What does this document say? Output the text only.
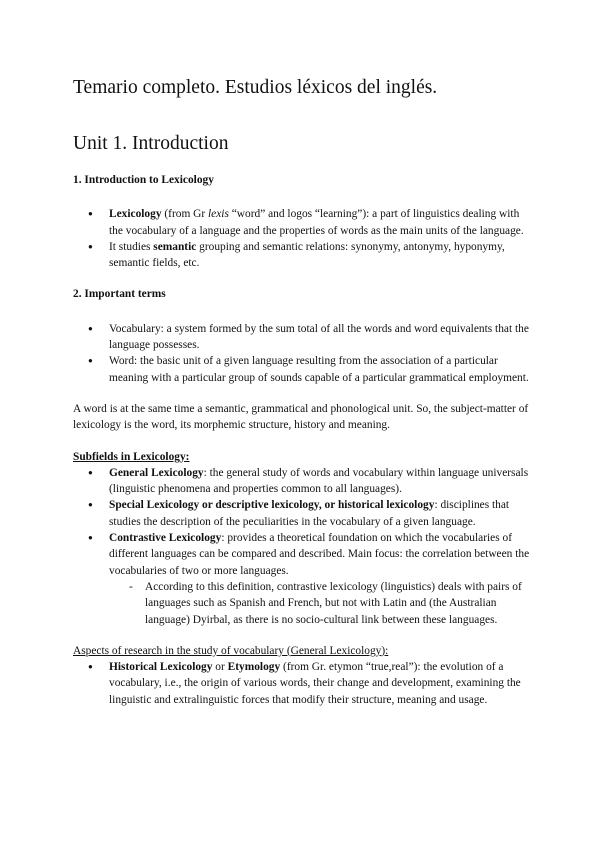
Temario completo. Estudios léxicos del inglés.
Unit 1. Introduction

1. Introduction to Lexicology

● Lexicology (from Gr lexis “word” and logos “learning”): a part of linguistics dealing with the vocabulary of a language and the properties of words as the main units of the language.
● It studies semantic grouping and semantic relations: synonymy, antonymy, hyponymy, semantic fields, etc.

2. Important terms

● Vocabulary: a system formed by the sum total of all the words and word equivalents that the language possesses.
● Word: the basic unit of a given language resulting from the association of a particular meaning with a particular group of sounds capable of a particular grammatical employment.

A word is at the same time a semantic, grammatical and phonological unit. So, the subject-matter of lexicology is the word, its morphemic structure, history and meaning.

Subfields in Lexicology:

● General Lexicology: the general study of words and vocabulary within language universals (linguistic phenomena and properties common to all languages).
● Special Lexicology or descriptive lexicology, or historical lexicology: disciplines that studies the description of the peculiarities in the vocabulary of a given language.
● Contrastive Lexicology: provides a theoretical foundation on which the vocabularies of different languages can be compared and described. Main focus: the correlation between the vocabularies of two or more languages.
- According to this definition, contrastive lexicology (linguistics) deals with pairs of languages such as Spanish and French, but not with Latin and (the Australian language) Dyirbal, as there is no socio-cultural link between these languages.

Aspects of research in the study of vocabulary (General Lexicology):

● Historical Lexicology or Etymology (from Gr. etymon “true,real”): the evolution of a vocabulary, i.e., the origin of various words, their change and development, examining the linguistic and extralinguistic forces that modify their structure, meaning and usage.
